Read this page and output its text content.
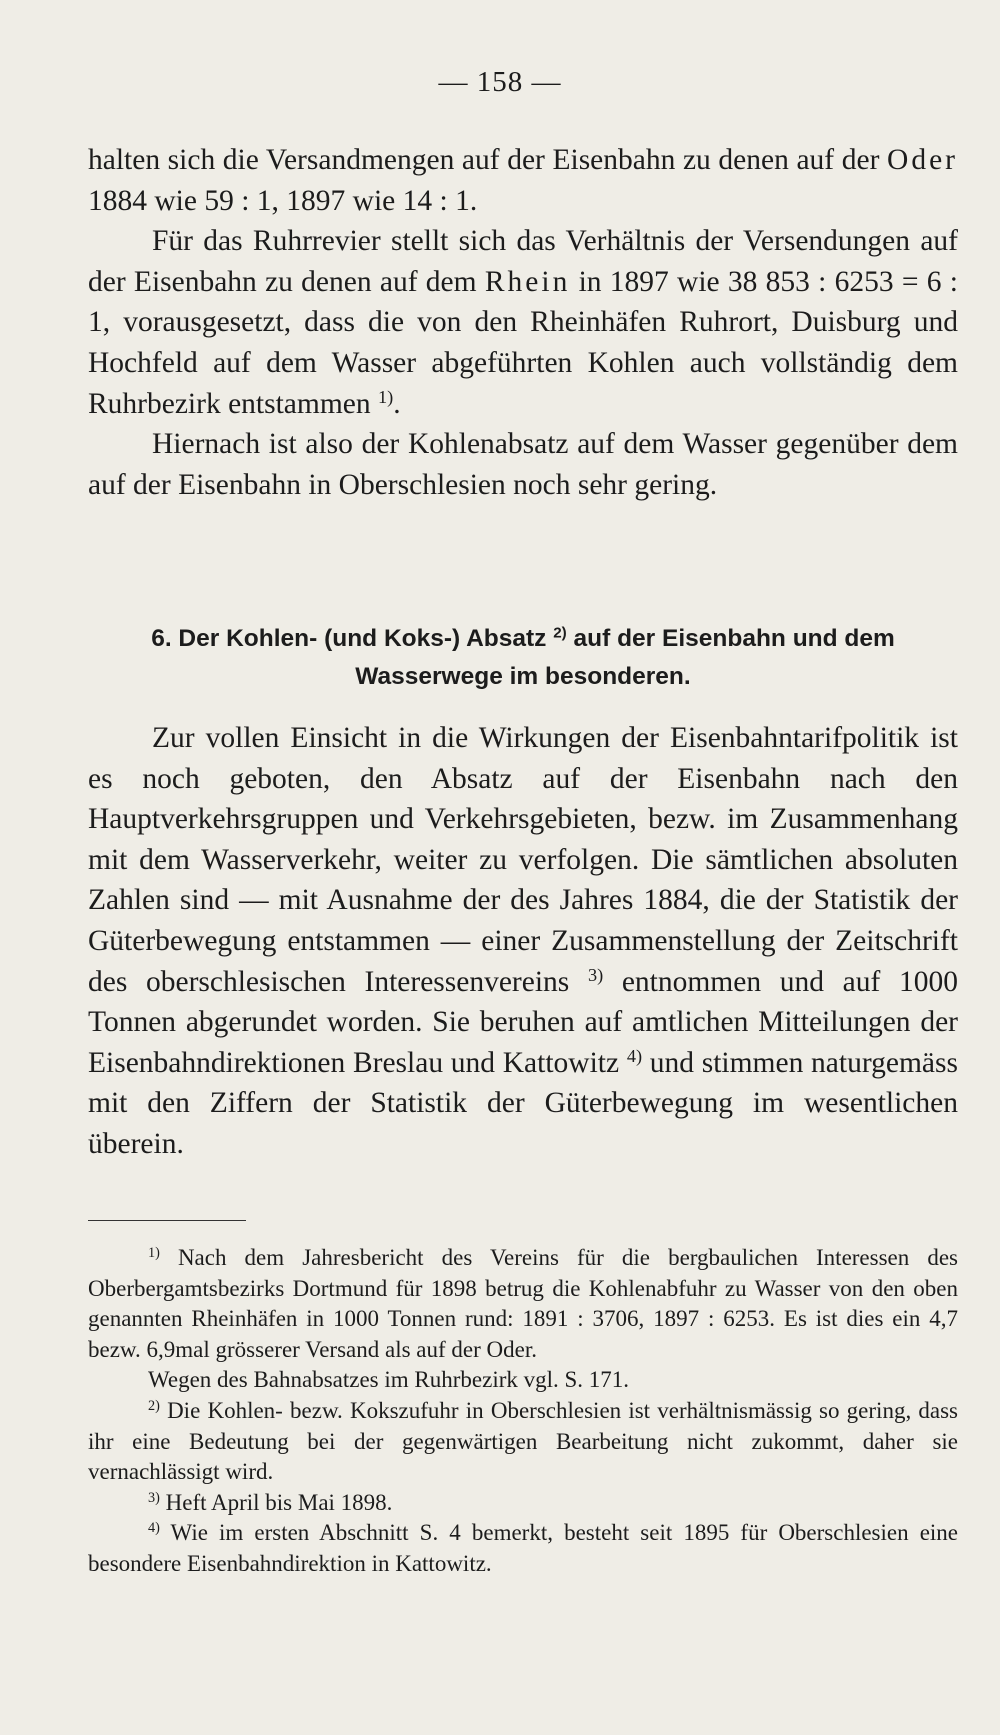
— 158 —

halten sich die Versandmengen auf der Eisenbahn zu denen auf der Oder 1884 wie 59 : 1, 1897 wie 14 : 1.

Für das Ruhrrevier stellt sich das Verhältnis der Versendungen auf der Eisenbahn zu denen auf dem Rhein in 1897 wie 38 853 : 6253 = 6 : 1, vorausgesetzt, dass die von den Rheinhäfen Ruhrort, Duisburg und Hochfeld auf dem Wasser abgeführten Kohlen auch vollständig dem Ruhrbezirk entstammen $^{1)}$.

Hiernach ist also der Kohlenabsatz auf dem Wasser gegenüber dem auf der Eisenbahn in Oberschlesien noch sehr gering.

6. Der Kohlen- (und Koks-) Absatz $^{2)}$ auf der Eisenbahn und dem Wasserwege im besonderen.

Zur vollen Einsicht in die Wirkungen der Eisenbahntarifpolitik ist es noch geboten, den Absatz auf der Eisenbahn nach den Hauptverkehrsgruppen und Verkehrsgebieten, bezw. im Zusammenhang mit dem Wasserverkehr, weiter zu verfolgen. Die sämtlichen absoluten Zahlen sind — mit Ausnahme der des Jahres 1884, die der Statistik der Güterbewegung entstammen — einer Zusammenstellung der Zeitschrift des oberschlesischen Interessenvereins $^{3)}$ entnommen und auf 1000 Tonnen abgerundet worden. Sie beruhen auf amtlichen Mitteilungen der Eisenbahndirektionen Breslau und Kattowitz $^{4)}$ und stimmen naturgemäss mit den Ziffern der Statistik der Güterbewegung im wesentlichen überein.

$^{1)}$ Nach dem Jahresbericht des Vereins für die bergbaulichen Interessen des Oberbergamtsbezirks Dortmund für 1898 betrug die Kohlenabfuhr zu Wasser von den oben genannten Rheinhäfen in 1000 Tonnen rund: 1891 : 3706, 1897 : 6253. Es ist dies ein 4,7 bezw. 6,9mal grösserer Versand als auf der Oder.

Wegen des Bahnabsatzes im Ruhrbezirk vgl. S. 171.

$^{2)}$ Die Kohlen- bezw. Kokszufuhr in Oberschlesien ist verhältnismässig so gering, dass ihr eine Bedeutung bei der gegenwärtigen Bearbeitung nicht zukommt, daher sie vernachlässigt wird.

$^{3)}$ Heft April bis Mai 1898.

$^{4)}$ Wie im ersten Abschnitt S. 4 bemerkt, besteht seit 1895 für Oberschlesien eine besondere Eisenbahndirektion in Kattowitz.
